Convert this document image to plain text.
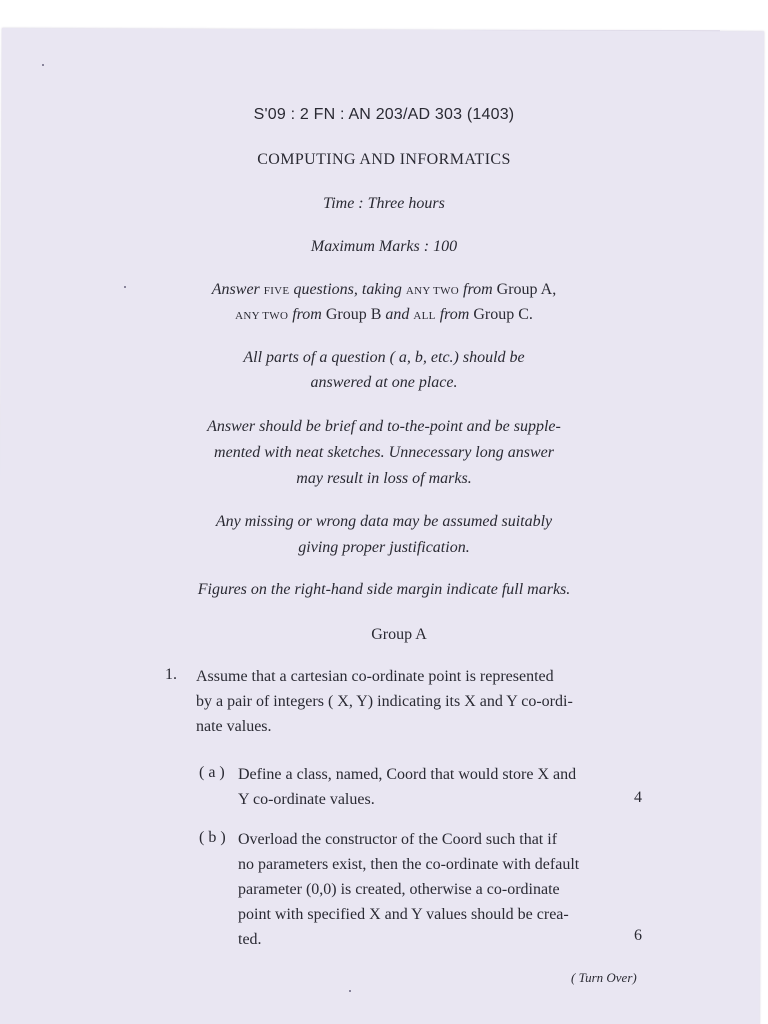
S'09 : 2 FN : AN 203/AD 303 (1403)
COMPUTING AND INFORMATICS
Time : Three hours
Maximum Marks : 100
Answer FIVE questions, taking ANY TWO from Group A,
ANY TWO from Group B and ALL from Group C.
All parts of a question ( a, b, etc.) should be
answered at one place.
Answer should be brief and to-the-point and be supple-
mented with neat sketches. Unnecessary long answer
may result in loss of marks.
Any missing or wrong data may be assumed suitably
giving proper justification.
Figures on the right-hand side margin indicate full marks.
Group A
1. Assume that a cartesian co-ordinate point is represented
by a pair of integers ( X, Y) indicating its X and Y co-ordi-
nate values.
( a ) Define a class, named, Coord that would store X and
Y co-ordinate values.	4
( b ) Overload the constructor of the Coord such that if
no parameters exist, then the co-ordinate with default
parameter (0,0) is created, otherwise a co-ordinate
point with specified X and Y values should be crea-
ted.	6
( Turn Over)
